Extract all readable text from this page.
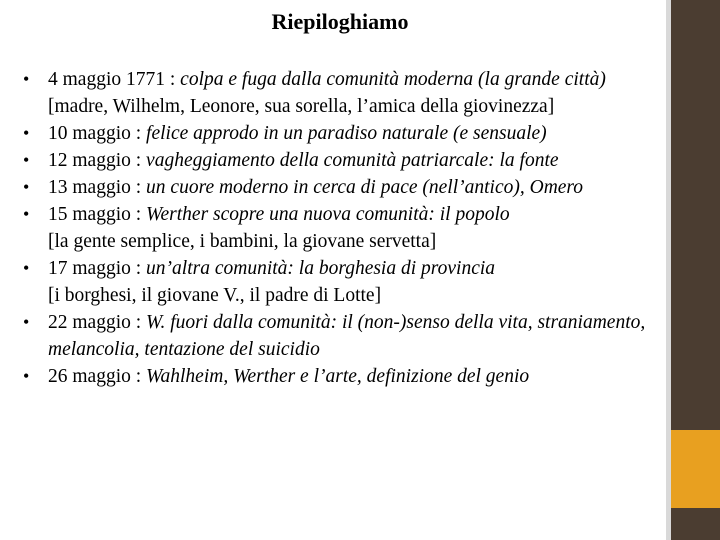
Riepiloghiamo
• 4 maggio 1771 : colpa e fuga dalla comunità moderna (la grande città)
[madre, Wilhelm, Leonore, sua sorella, l’amica della giovinezza]
• 10 maggio : felice approdo in un paradiso naturale (e sensuale)
• 12 maggio : vagheggiamento della comunità patriarcale: la fonte
• 13 maggio : un cuore moderno in cerca di pace (nell’antico), Omero
• 15 maggio : Werther scopre una nuova comunità: il popolo
[la gente semplice, i bambini, la giovane servetta]
• 17 maggio : un’altra comunità: la borghesia di provincia
[i borghesi, il giovane V., il padre di Lotte]
• 22 maggio : W. fuori dalla comunità: il (non-)senso della vita, straniamento, melancolia, tentazione del suicidio
• 26 maggio : Wahlheim, Werther e l’arte, definizione del genio
